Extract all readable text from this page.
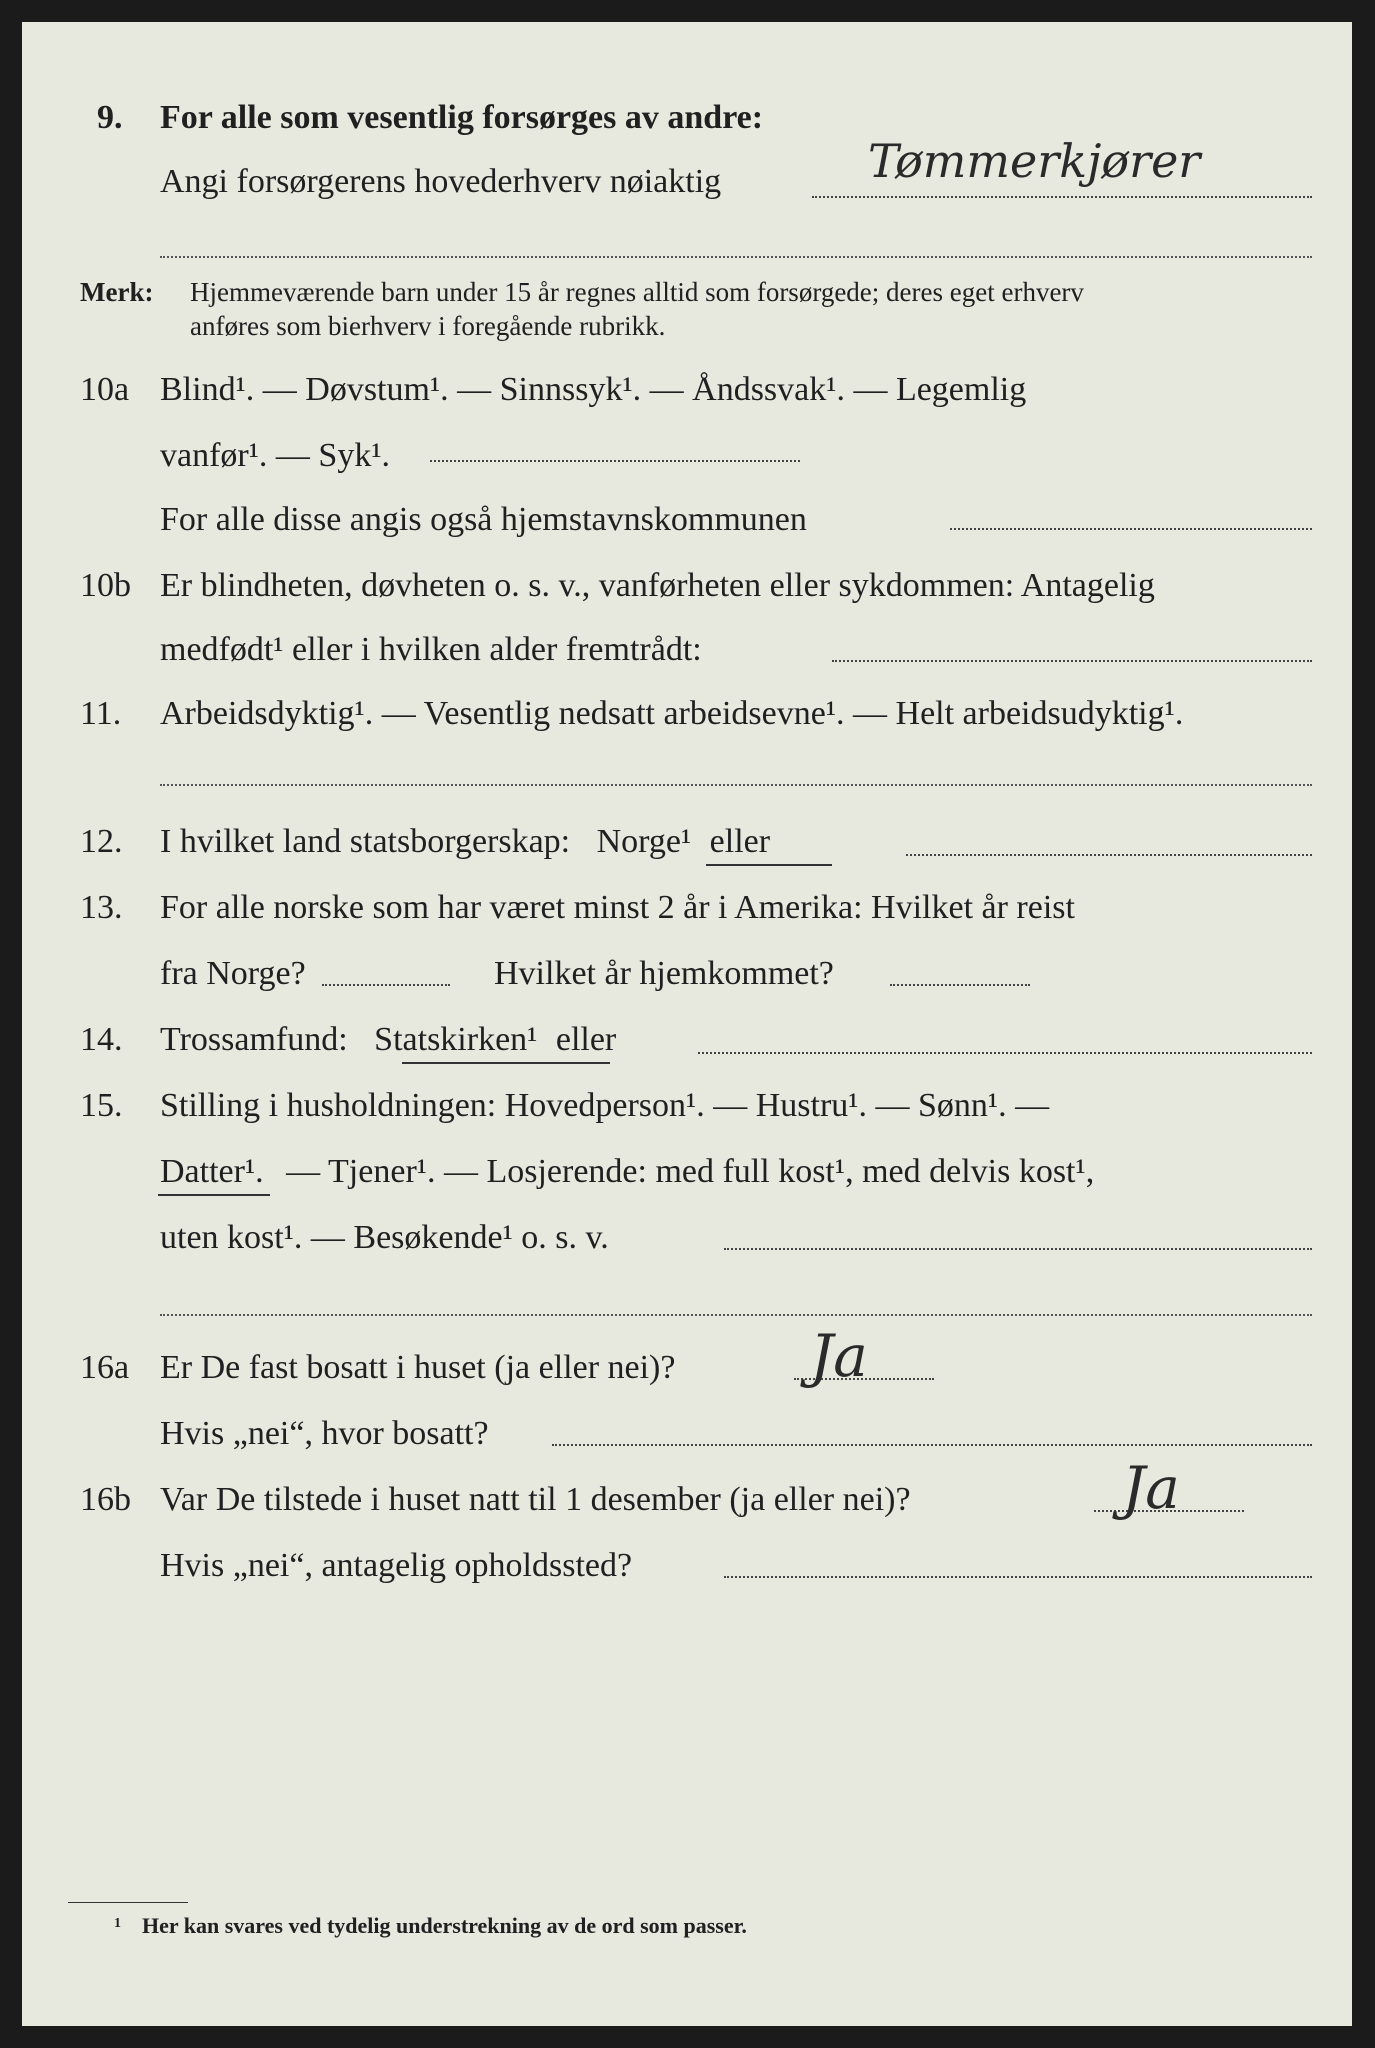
9. For alle som vesentlig forsørges av andre:
Angi forsørgerens hovederhverv nøiaktig	Tømmerkjører
Merk: Hjemmeværende barn under 15 år regnes alltid som forsørgede; deres eget erhverv
anføres som bierhverv i foregående rubrikk.
10a Blind¹. — Døvstum¹. — Sinnssyk¹. — Åndssvak¹. — Legemlig
vanfør¹. — Syk¹.
For alle disse angis også hjemstavnskommunen
10b Er blindheten, døvheten o. s. v., vanførheten eller sykdommen: Antagelig
medfødt¹ eller i hvilken alder fremtrådt:
11. Arbeidsdyktig¹. — Vesentlig nedsatt arbeidsevne¹. — Helt arbeidsudyktig¹.
12. I hvilket land statsborgerskap: Norge¹ eller
13. For alle norske som har været minst 2 år i Amerika: Hvilket år reist
fra Norge?	Hvilket år hjemkommet?
14. Trossamfund: Statskirken¹ eller
15. Stilling i husholdningen: Hovedperson¹. — Hustru¹. — Sønn¹. —
Datter¹. — Tjener¹. — Losjerende: med full kost¹, med delvis kost¹,
uten kost¹. — Besøkende¹ o. s. v.
16a Er De fast bosatt i huset (ja eller nei)? Ja
Hvis „nei“, hvor bosatt?
16b Var De tilstede i huset natt til 1 desember (ja eller nei)?	Ja
Hvis „nei“, antagelig opholdssted?
1 Her kan svares ved tydelig understrekning av de ord som passer.
